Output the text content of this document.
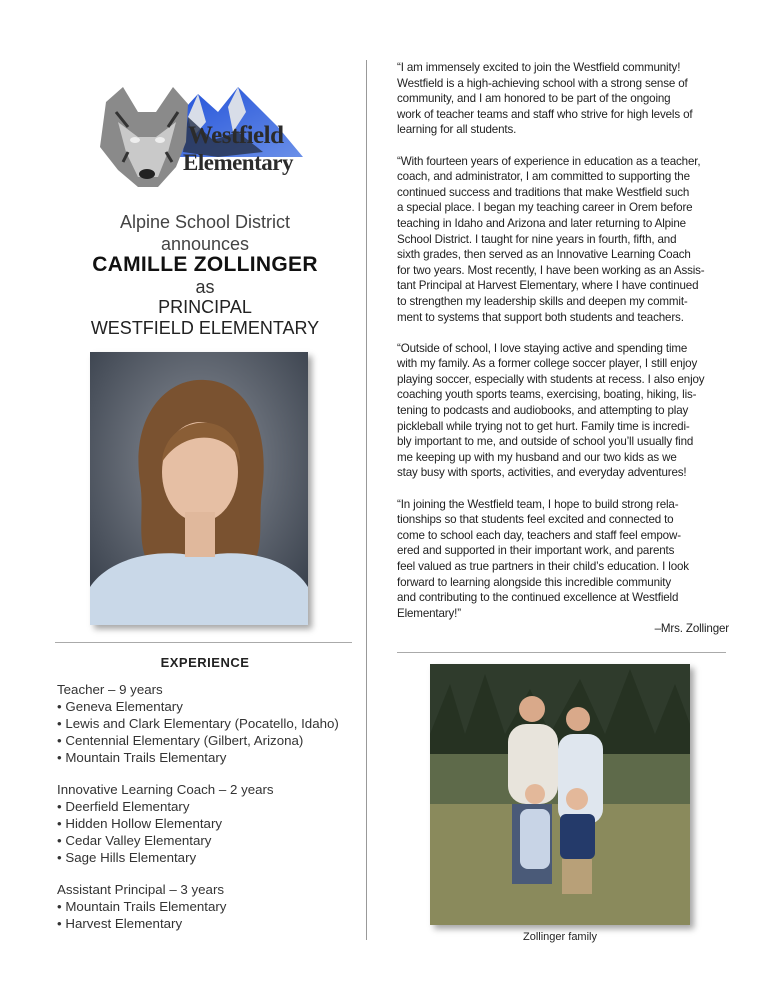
Westfield
Elementary
Alpine School District
announces
CAMILLE ZOLLINGER
as
PRINCIPAL
WESTFIELD ELEMENTARY
EXPERIENCE
Teacher – 9 years
• Geneva Elementary
• Lewis and Clark Elementary (Pocatello, Idaho)
• Centennial Elementary (Gilbert, Arizona)
• Mountain Trails Elementary
Innovative Learning Coach – 2 years
• Deerfield Elementary
• Hidden Hollow Elementary
• Cedar Valley Elementary
• Sage Hills Elementary
Assistant Principal – 3 years
• Mountain Trails Elementary
• Harvest Elementary

“I am immensely excited to join the Westfield community!
Westfield is a high-achieving school with a strong sense of
community, and I am honored to be part of the ongoing
work of teacher teams and staff who strive for high levels of
learning for all students.

“With fourteen years of experience in education as a teacher,
coach, and administrator, I am committed to supporting the
continued success and traditions that make Westfield such
a special place. I began my teaching career in Orem before
teaching in Idaho and Arizona and later returning to Alpine
School District. I taught for nine years in fourth, fifth, and
sixth grades, then served as an Innovative Learning Coach
for two years. Most recently, I have been working as an Assis-
tant Principal at Harvest Elementary, where I have continued
to strengthen my leadership skills and deepen my commit-
ment to systems that support both students and teachers.

“Outside of school, I love staying active and spending time
with my family. As a former college soccer player, I still enjoy
playing soccer, especially with students at recess. I also enjoy
coaching youth sports teams, exercising, boating, hiking, lis-
tening to podcasts and audiobooks, and attempting to play
pickleball while trying not to get hurt. Family time is incredi-
bly important to me, and outside of school you’ll usually find
me keeping up with my husband and our two kids as we
stay busy with sports, activities, and everyday adventures!

“In joining the Westfield team, I hope to build strong rela-
tionships so that students feel excited and connected to
come to school each day, teachers and staff feel empow-
ered and supported in their important work, and parents
feel valued as true partners in their child’s education. I look
forward to learning alongside this incredible community
and contributing to the continued excellence at Westfield
Elementary!”

–Mrs. Zollinger
Zollinger family
